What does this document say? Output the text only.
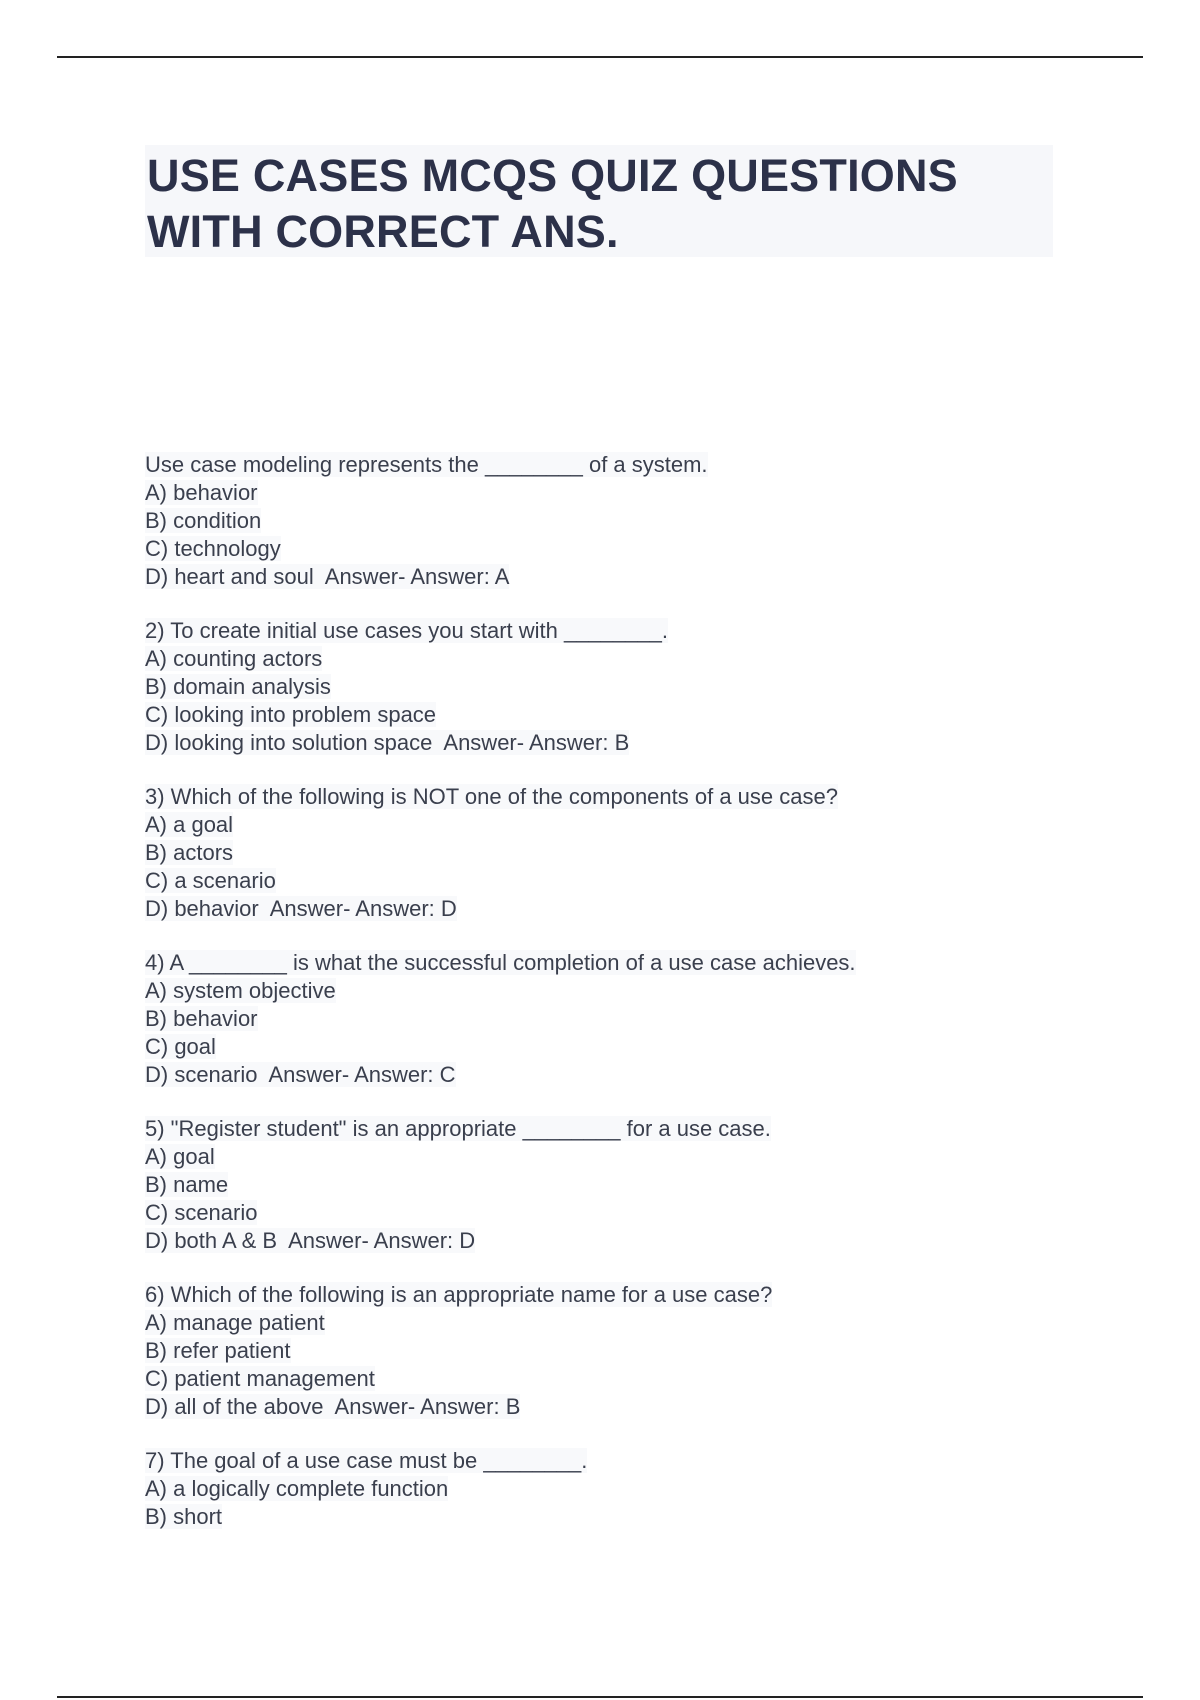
USE CASES MCQS QUIZ QUESTIONS
WITH CORRECT ANS.
Use case modeling represents the ________ of a system.
A) behavior
B) condition
C) technology
D) heart and soul  Answer- Answer: A
2) To create initial use cases you start with ________.
A) counting actors
B) domain analysis
C) looking into problem space
D) looking into solution space  Answer- Answer: B
3) Which of the following is NOT one of the components of a use case?
A) a goal
B) actors
C) a scenario
D) behavior  Answer- Answer: D
4) A ________ is what the successful completion of a use case achieves.
A) system objective
B) behavior
C) goal
D) scenario  Answer- Answer: C
5) "Register student" is an appropriate ________ for a use case.
A) goal
B) name
C) scenario
D) both A & B  Answer- Answer: D
6) Which of the following is an appropriate name for a use case?
A) manage patient
B) refer patient
C) patient management
D) all of the above  Answer- Answer: B
7) The goal of a use case must be ________.
A) a logically complete function
B) short
